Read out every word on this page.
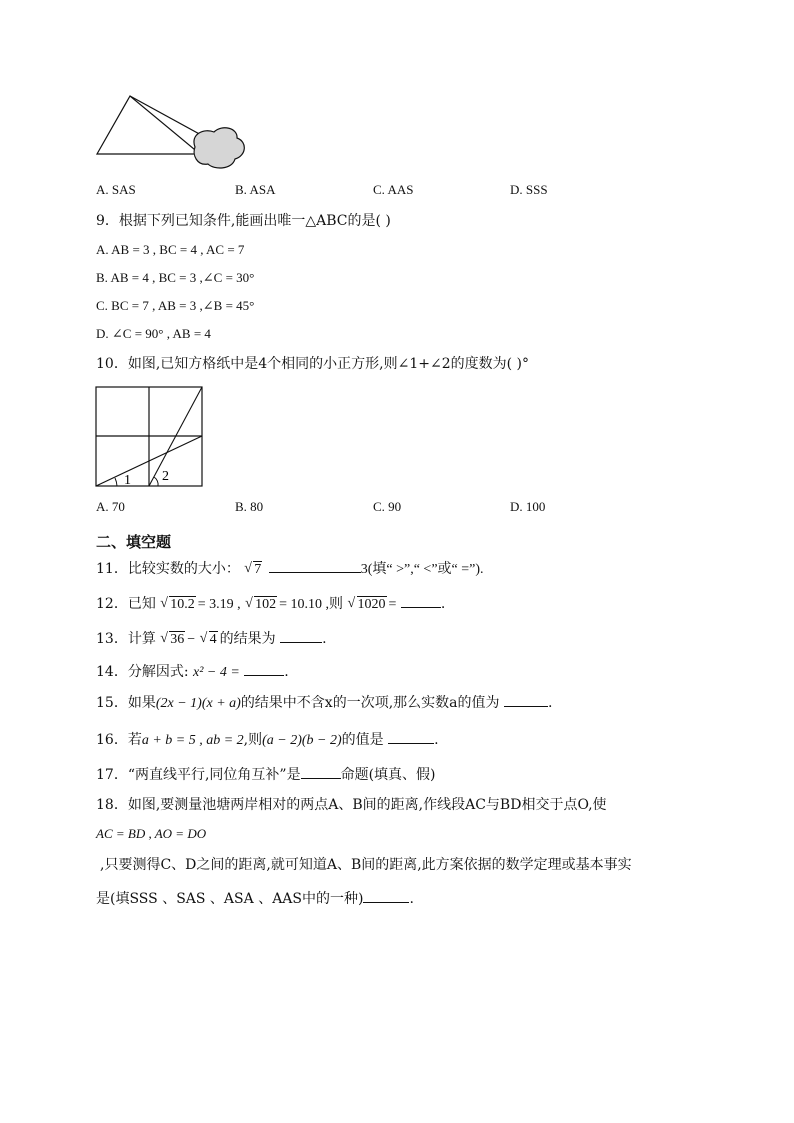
A. SAS	B. ASA	C. AAS	D. SSS
9．根据下列已知条件,能画出唯一△ABC的是( )
A. AB = 3 , BC = 4 , AC = 7
B. AB = 4 , BC = 3 ,∠C = 30°
C. BC = 7 , AB = 3 ,∠B = 45°
D. ∠C = 90° , AB = 4
10．如图,已知方格纸中是4个相同的小正方形,则∠1+∠2的度数为( )°
1 2
A. 70	B. 80	C. 90	D. 100
二、填空题
11．比较实数的大小： √ 7	3(填“ >”,“ <”或“ =”).
12．已知 √ 10.2 = 3.19 , √ 102 = 10.10 ,则 √ 1020 =	.
13．计算 √ 36 − √ 4 的结果为	.
14．分解因式: x² − 4 =	.
15．如果(2x − 1)(x + a)的结果中不含x的一次项,那么实数a的值为	.
16．若a + b = 5 , ab = 2,则(a − 2)(b − 2)的值是	.
17．“两直线平行,同位角互补”是	命题(填真、假)
18．如图,要测量池塘两岸相对的两点A、B间的距离,作线段AC与BD相交于点O,使
AC = BD , AO = DO
,只要测得C、D之间的距离,就可知道A、B间的距离,此方案依据的数学定理或基本事实
是(填SSS 、SAS 、ASA 、AAS中的一种)	.
